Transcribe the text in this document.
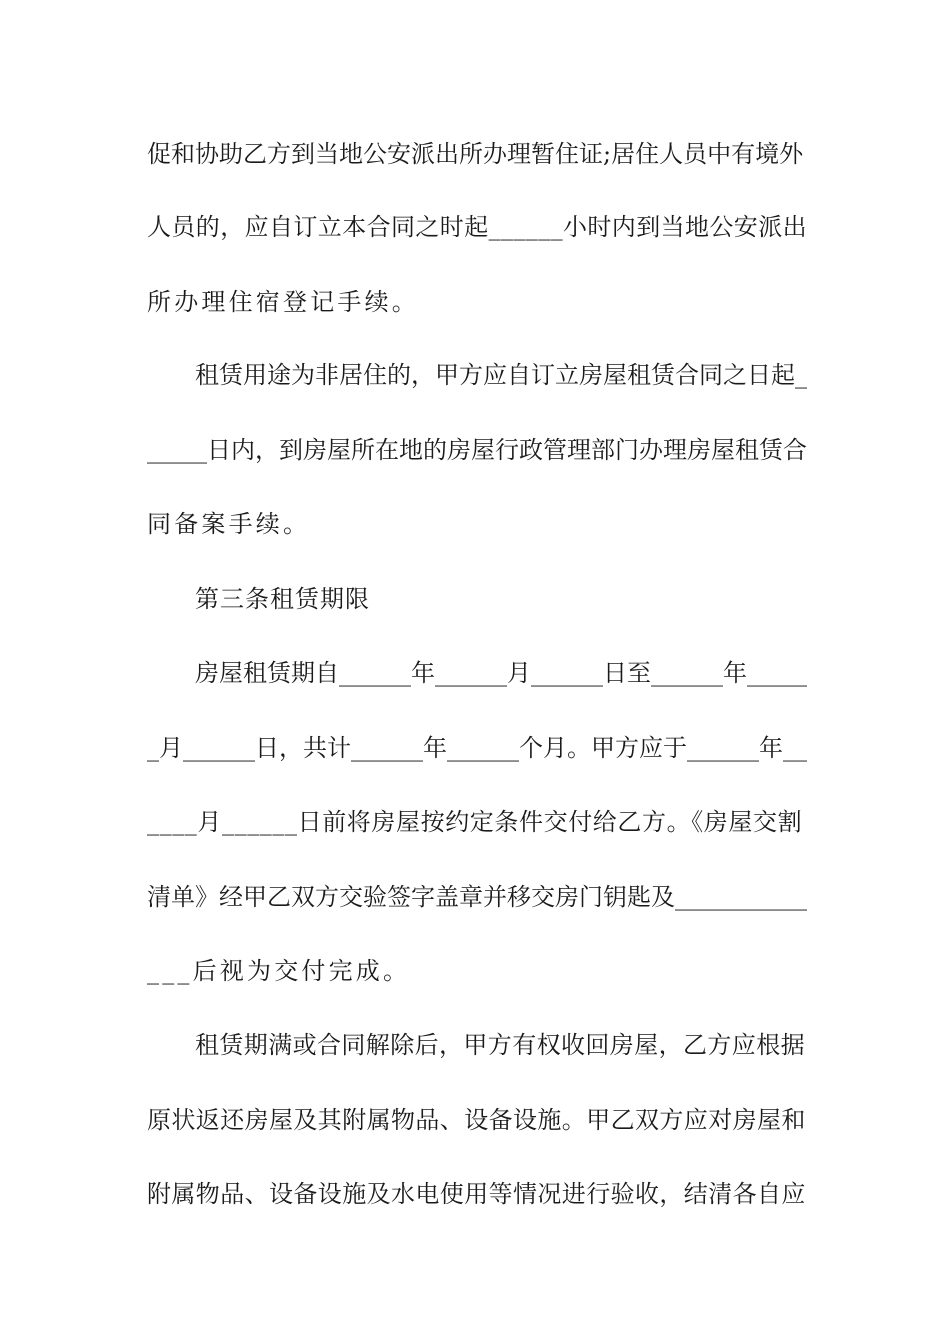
促和协助乙方到当地公安派出所办理暂住证;居住人员中有境外
人员的，应自订立本合同之时起______小时内到当地公安派出
所办理住宿登记手续。
租赁用途为非居住的，甲方应自订立房屋租赁合同之日起_
_____日内，到房屋所在地的房屋行政管理部门办理房屋租赁合
同备案手续。
第三条租赁期限
房屋租赁期自______年______月______日至______年_____
_月______日，共计______年______个月。甲方应于______年__
____月______日前将房屋按约定条件交付给乙方。《房屋交割
清单》经甲乙双方交验签字盖章并移交房门钥匙及___________
___后视为交付完成。
租赁期满或合同解除后，甲方有权收回房屋，乙方应根据
原状返还房屋及其附属物品、设备设施。甲乙双方应对房屋和
附属物品、设备设施及水电使用等情况进行验收，结清各自应
